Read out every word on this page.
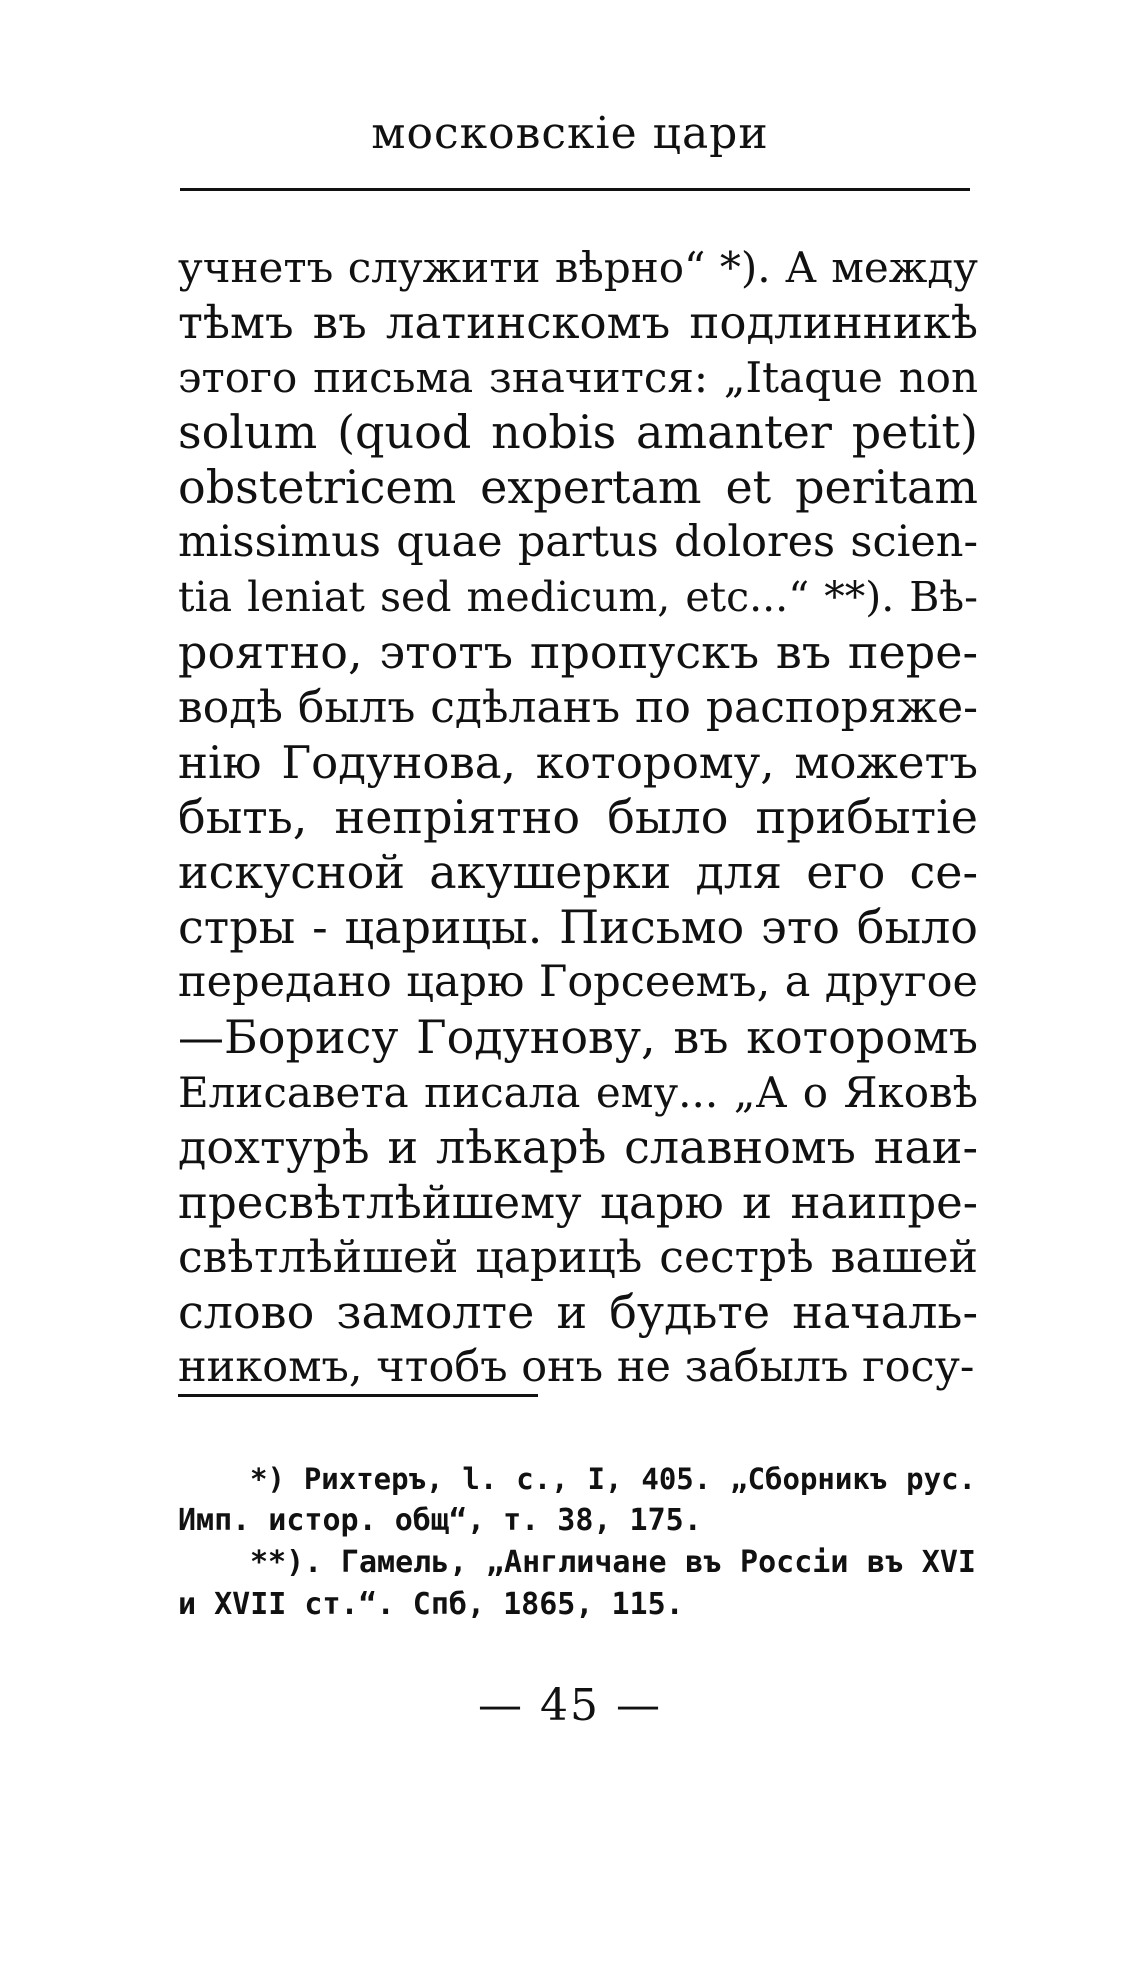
московскіе цари
учнетъ служити вѣрно“ *). А между
тѣмъ въ латинскомъ подлинникѣ
этого письма значится: „Itaque non
solum (quod nobis amanter petit)
obstetricem expertam et peritam
missimus quae partus dolores scien-
tia leniat sed medicum, etc...“ **). Вѣ-
роятно, этотъ пропускъ въ пере-
водѣ былъ сдѣланъ по распоряже-
нію Годунова, которому, можетъ
быть, непріятно было прибытіе
искусной акушерки для его се-
стры - царицы. Письмо это было
передано царю Горсеемъ, а другое
—Борису Годунову, въ которомъ
Елисавета писала ему... „А о Яковѣ
дохтурѣ и лѣкарѣ славномъ наи-
пресвѣтлѣйшему царю и наипре-
свѣтлѣйшей царицѣ сестрѣ вашей
слово замолте и будьте началь-
никомъ, чтобъ онъ не забылъ госу-
*) Рихтеръ, l. c., I, 405. „Сборникъ рус.
Имп. истор. общ“, т. 38, 175.
**). Гамель, „Англичане въ Россіи въ XVI
и XVII ст.“. Спб, 1865, 115.
— 45 —
